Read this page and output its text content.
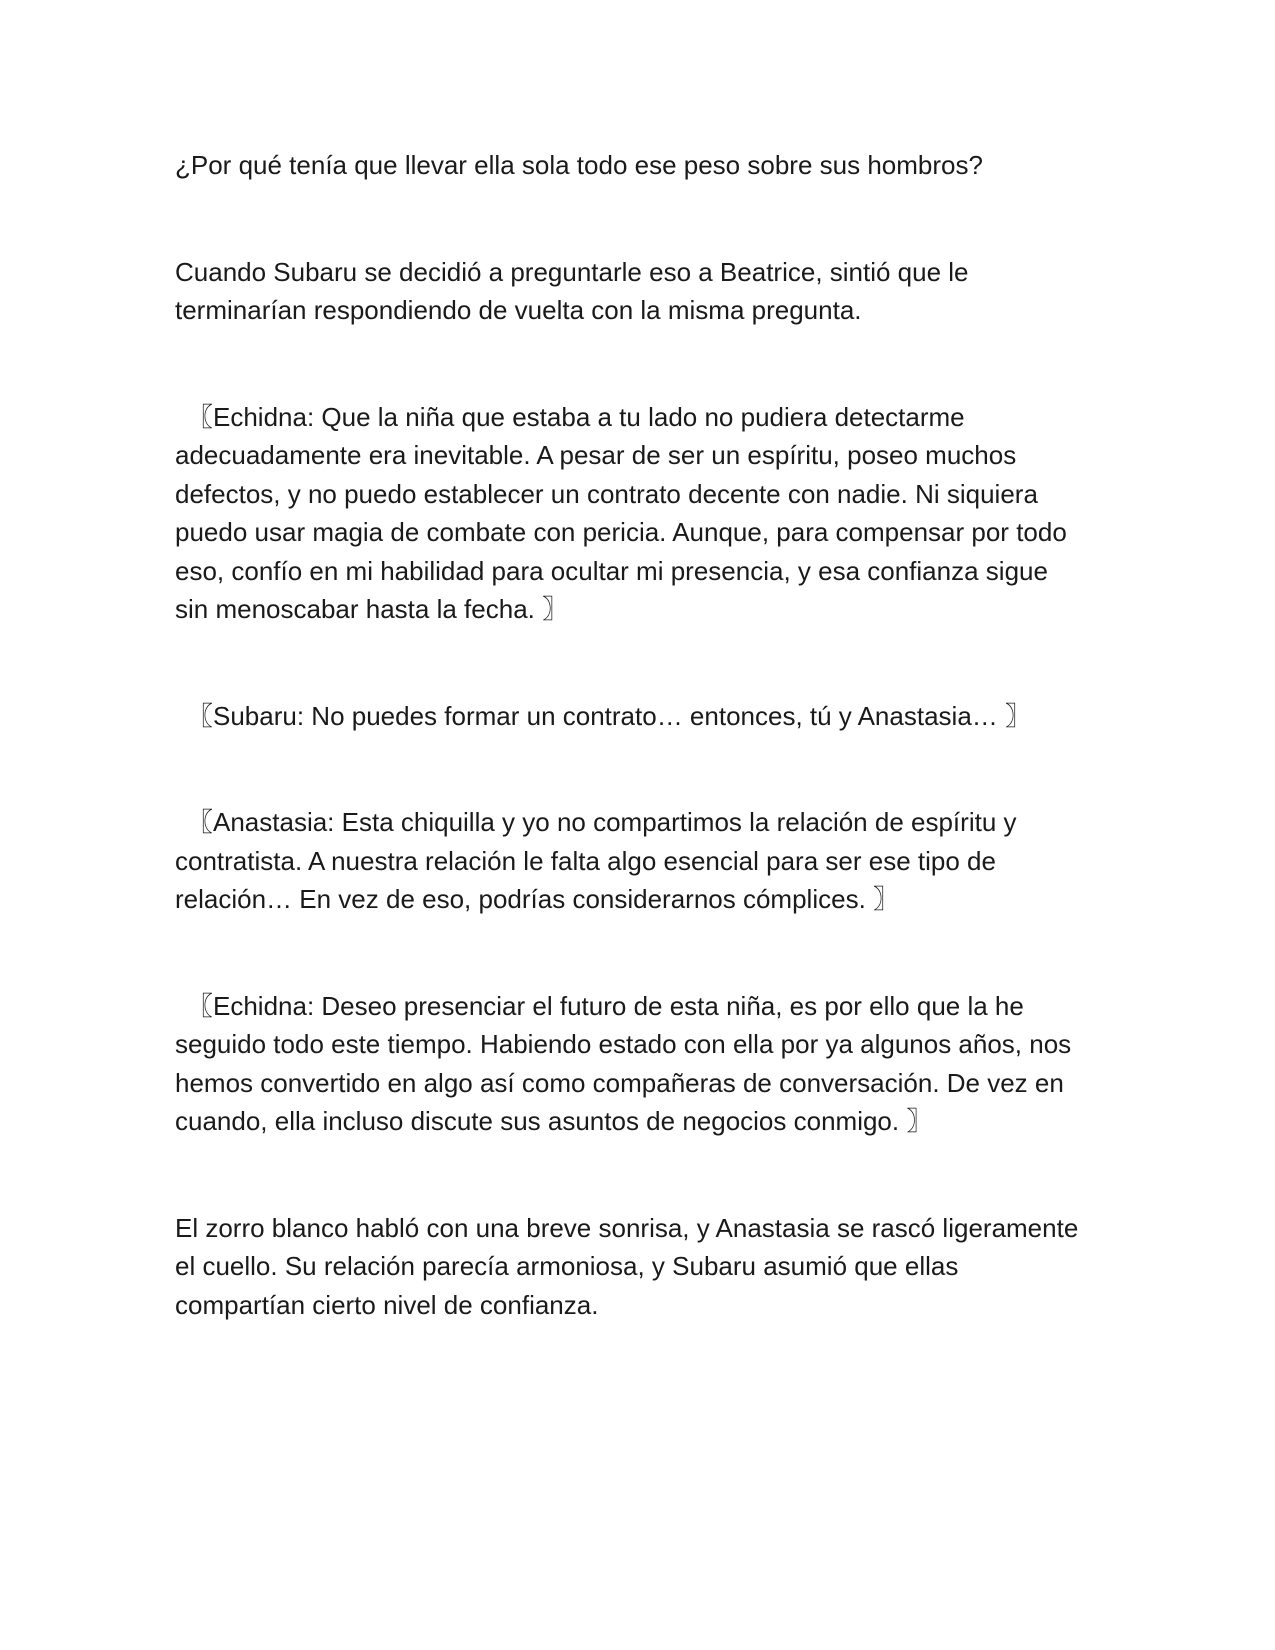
¿Por qué tenía que llevar ella sola todo ese peso sobre sus hombros?

Cuando Subaru se decidió a preguntarle eso a Beatrice, sintió que le
terminarían respondiendo de vuelta con la misma pregunta.

〖Echidna: Que la niña que estaba a tu lado no pudiera detectarme
adecuadamente era inevitable. A pesar de ser un espíritu, poseo muchos
defectos, y no puedo establecer un contrato decente con nadie. Ni siquiera
puedo usar magia de combate con pericia. Aunque, para compensar por todo
eso, confío en mi habilidad para ocultar mi presencia, y esa confianza sigue
sin menoscabar hasta la fecha. 〗

〖Subaru: No puedes formar un contrato… entonces, tú y Anastasia… 〗

〖Anastasia: Esta chiquilla y yo no compartimos la relación de espíritu y
contratista. A nuestra relación le falta algo esencial para ser ese tipo de
relación… En vez de eso, podrías considerarnos cómplices. 〗

〖Echidna: Deseo presenciar el futuro de esta niña, es por ello que la he
seguido todo este tiempo. Habiendo estado con ella por ya algunos años, nos
hemos convertido en algo así como compañeras de conversación. De vez en
cuando, ella incluso discute sus asuntos de negocios conmigo. 〗

El zorro blanco habló con una breve sonrisa, y Anastasia se rascó ligeramente
el cuello. Su relación parecía armoniosa, y Subaru asumió que ellas
compartían cierto nivel de confianza.
